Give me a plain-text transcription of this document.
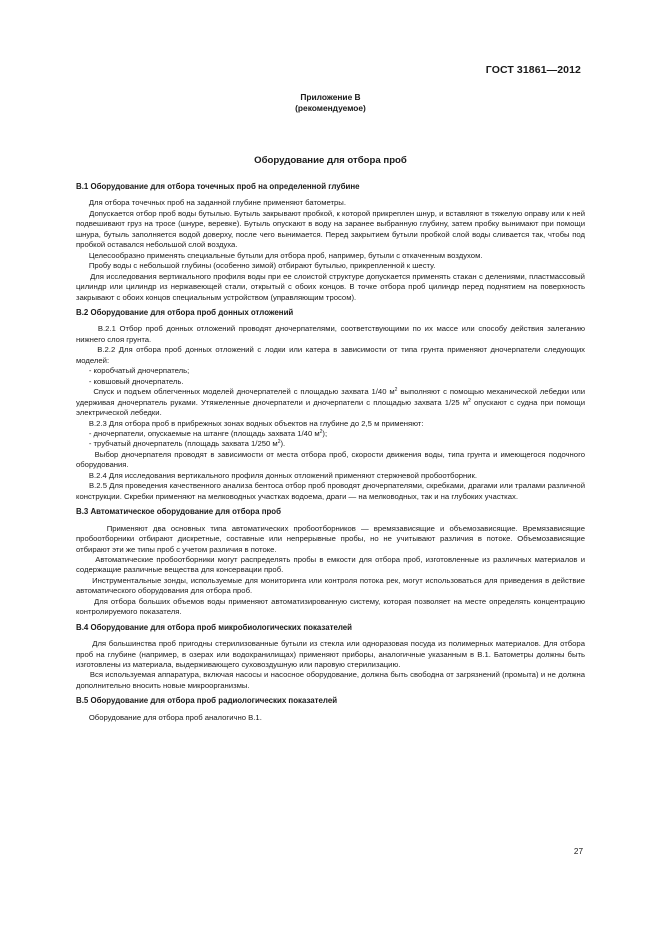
ГОСТ 31861—2012
Приложение В
(рекомендуемое)
Оборудование для отбора проб
В.1 Оборудование для отбора точечных проб на определенной глубине

Для отбора точечных проб на заданной глубине применяют батометры.

Допускается отбор проб воды бутылью. Бутыль закрывают пробкой, к которой прикреплен шнур, и вставляют в тяжелую оправу или к ней подвешивают груз на тросе (шнуре, веревке). Бутыль опускают в воду на заранее выбранную глубину, затем пробку вынимают при помощи шнура, бутыль заполняется водой доверху, после чего вынимается. Перед закрытием бутыли пробкой слой воды сливается так, чтобы под пробкой оставался небольшой слой воздуха.

Целесообразно применять специальные бутыли для отбора проб, например, бутыли с откаченным воздухом.

Пробу воды с небольшой глубины (особенно зимой) отбирают бутылью, прикрепленной к шесту.

Для исследования вертикального профиля воды при ее слоистой структуре допускается применять стакан с делениями, пластмассовый цилиндр или цилиндр из нержавеющей стали, открытый с обоих концов. В точке отбора проб цилиндр перед поднятием на поверхность закрывают с обоих концов специальным устройством (управляющим тросом).

В.2 Оборудование для отбора проб донных отложений

В.2.1 Отбор проб донных отложений проводят дночерпателями, соответствующими по их массе или способу действия залеганию нижнего слоя грунта.

В.2.2 Для отбора проб донных отложений с лодки или катера в зависимости от типа грунта применяют дночерпатели следующих моделей:

- коробчатый дночерпатель;

- ковшовый дночерпатель.

Спуск и подъем облегченных моделей дночерпателей с площадью захвата 1/40 $м^2$ выполняют с помощью механической лебедки или удерживая дночерпатель руками. Утяжеленные дночерпатели и дночерпатели с площадью захвата 1/25 $м^2$ опускают с судна при помощи электрической лебедки.

В.2.3 Для отбора проб в прибрежных зонах водных объектов на глубине до 2,5 м применяют:

- дночерпатели, опускаемые на штанге (площадь захвата 1/40 $м^2$);

- трубчатый дночерпатель (площадь захвата 1/250 $м^2$).

Выбор дночерпателя проводят в зависимости от места отбора проб, скорости движения воды, типа грунта и имеющегося подочного оборудования.

В.2.4 Для исследования вертикального профиля донных отложений применяют стержневой пробоотборник.

В.2.5 Для проведения качественного анализа бентоса отбор проб проводят дночерпателями, скребками, драгами или тралами различной конструкции. Скребки применяют на мелководных участках водоема, драги — на мелководных, так и на глубоких участках.

В.3 Автоматическое оборудование для отбора проб

Применяют два основных типа автоматических пробоотборников — времязависящие и объемозависящие. Времязависящие пробоотборники отбирают дискретные, составные или непрерывные пробы, но не учитывают различия в потоке. Объемозависящие отбирают эти же типы проб с учетом различия в потоке.

Автоматические пробоотборники могут распределять пробы в емкости для отбора проб, изготовленные из различных материалов и содержащие различные вещества для консервации проб.

Инструментальные зонды, используемые для мониторинга или контроля потока рек, могут использоваться для приведения в действие автоматического оборудования для отбора проб.

Для отбора больших объемов воды применяют автоматизированную систему, которая позволяет на месте определять концентрацию контролируемого показателя.

В.4 Оборудование для отбора проб микробиологических показателей

Для большинства проб пригодны стерилизованные бутыли из стекла или одноразовая посуда из полимерных материалов. Для отбора проб на глубине (например, в озерах или водохранилищах) применяют приборы, аналогичные указанным в В.1. Батометры должны быть изготовлены из материала, выдерживающего суховоздушную или паровую стерилизацию.

Вся используемая аппаратура, включая насосы и насосное оборудование, должна быть свободна от загрязнений (промыта) и не должна дополнительно вносить новые микроорганизмы.

В.5 Оборудование для отбора проб радиологических показателей

Оборудование для отбора проб аналогично В.1.

27
